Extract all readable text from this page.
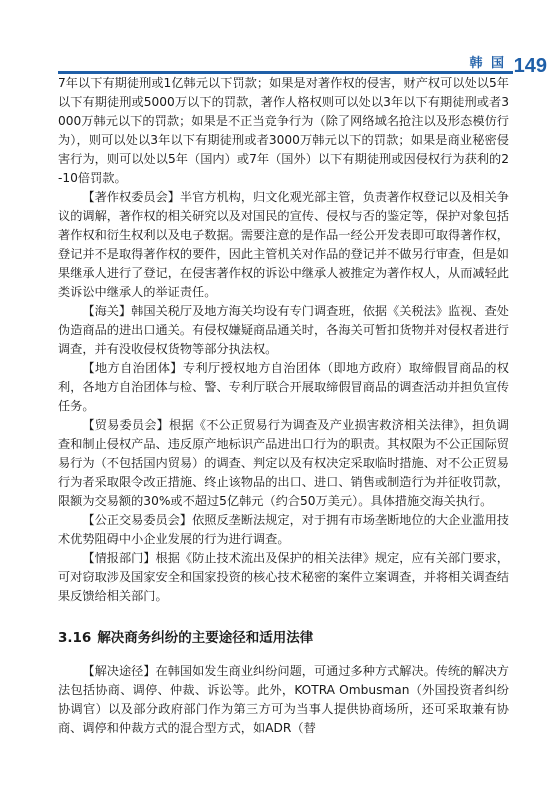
韩 国 149

7年以下有期徒刑或1亿韩元以下罚款；如果是对著作权的侵害，财产权可以处以5年以下有期徒刑或5000万以下的罚款，著作人格权则可以处以3年以下有期徒刑或者3000万韩元以下的罚款；如果是不正当竞争行为（除了网络域名抢注以及形态模仿行为），则可以处以3年以下有期徒刑或者3000万韩元以下的罚款；如果是商业秘密侵害行为，则可以处以5年（国内）或7年（国外）以下有期徒刑或因侵权行为获利的2-10倍罚款。

【著作权委员会】半官方机构，归文化观光部主管，负责著作权登记以及相关争议的调解，著作权的相关研究以及对国民的宣传、侵权与否的鉴定等，保护对象包括著作权和衍生权利以及电子数据。需要注意的是作品一经公开发表即可取得著作权，登记并不是取得著作权的要件，因此主管机关对作品的登记并不做另行审查，但是如果继承人进行了登记，在侵害著作权的诉讼中继承人被推定为著作权人，从而减轻此类诉讼中继承人的举证责任。

【海关】韩国关税厅及地方海关均设有专门调查班，依据《关税法》监视、查处伪造商品的进出口通关。有侵权嫌疑商品通关时，各海关可暂扣货物并对侵权者进行调查，并有没收侵权货物等部分执法权。

【地方自治团体】专利厅授权地方自治团体（即地方政府）取缔假冒商品的权利，各地方自治团体与检、警、专利厅联合开展取缔假冒商品的调查活动并担负宣传任务。

【贸易委员会】根据《不公正贸易行为调查及产业损害救济相关法律》，担负调查和制止侵权产品、违反原产地标识产品进出口行为的职责。其权限为不公正国际贸易行为（不包括国内贸易）的调查、判定以及有权决定采取临时措施、对不公正贸易行为者采取限令改正措施、终止该物品的出口、进口、销售或制造行为并征收罚款，限额为交易额的30%或不超过5亿韩元（约合50万美元）。具体措施交海关执行。

【公正交易委员会】依照反垄断法规定，对于拥有市场垄断地位的大企业滥用技术优势阻碍中小企业发展的行为进行调查。

【情报部门】根据《防止技术流出及保护的相关法律》规定，应有关部门要求，可对窃取涉及国家安全和国家投资的核心技术秘密的案件立案调查，并将相关调查结果反馈给相关部门。

3.16 解决商务纠纷的主要途径和适用法律

【解决途径】在韩国如发生商业纠纷问题，可通过多种方式解决。传统的解决方法包括协商、调停、仲裁、诉讼等。此外，KOTRA Ombusman（外国投资者纠纷协调官）以及部分政府部门作为第三方可为当事人提供协商场所，还可采取兼有协商、调停和仲裁方式的混合型方式，如ADR（替
